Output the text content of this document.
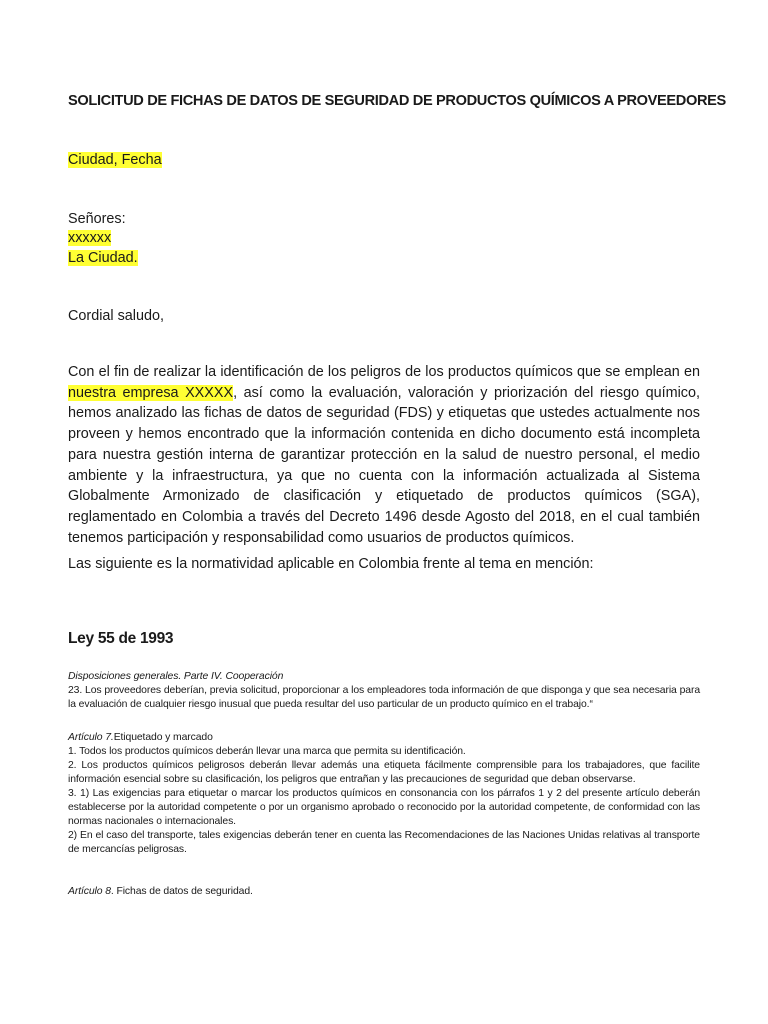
SOLICITUD DE FICHAS DE DATOS DE SEGURIDAD DE PRODUCTOS QUÍMICOS A PROVEEDORES
Ciudad, Fecha
Señores:
xxxxxx
La Ciudad.
Cordial saludo,
Con el fin de realizar la identificación de los peligros de los productos químicos que se emplean en nuestra empresa XXXXX, así como la evaluación, valoración y priorización del riesgo químico, hemos analizado las fichas de datos de seguridad (FDS) y etiquetas que ustedes actualmente nos proveen y hemos encontrado que la información contenida en dicho documento está incompleta para nuestra gestión interna de garantizar protección en la salud de nuestro personal, el medio ambiente y la infraestructura, ya que no cuenta con la información actualizada al Sistema Globalmente Armonizado de clasificación y etiquetado de productos químicos (SGA), reglamentado en Colombia a través del Decreto 1496 desde Agosto del 2018, en el cual también tenemos participación y responsabilidad como usuarios de productos químicos.
Las siguiente es la normatividad aplicable en Colombia frente al tema en mención:
Ley 55 de 1993

Disposiciones generales. Parte IV. Cooperación

23. Los proveedores deberían, previa solicitud, proporcionar a los empleadores toda información de que disponga y que sea necesaria para la evaluación de cualquier riesgo inusual que pueda resultar del uso particular de un producto químico en el trabajo.“

Artículo 7.Etiquetado y marcado

1. Todos los productos químicos deberán llevar una marca que permita su identificación.

2. Los productos químicos peligrosos deberán llevar además una etiqueta fácilmente comprensible para los trabajadores, que facilite información esencial sobre su clasificación, los peligros que entrañan y las precauciones de seguridad que deban observarse.

3. 1) Las exigencias para etiquetar o marcar los productos químicos en consonancia con los párrafos 1 y 2 del presente artículo deberán establecerse por la autoridad competente o por un organismo aprobado o reconocido por la autoridad competente, de conformidad con las normas nacionales o internacionales.

2) En el caso del transporte, tales exigencias deberán tener en cuenta las Recomendaciones de las Naciones Unidas relativas al transporte de mercancías peligrosas.

Artículo 8. Fichas de datos de seguridad.
